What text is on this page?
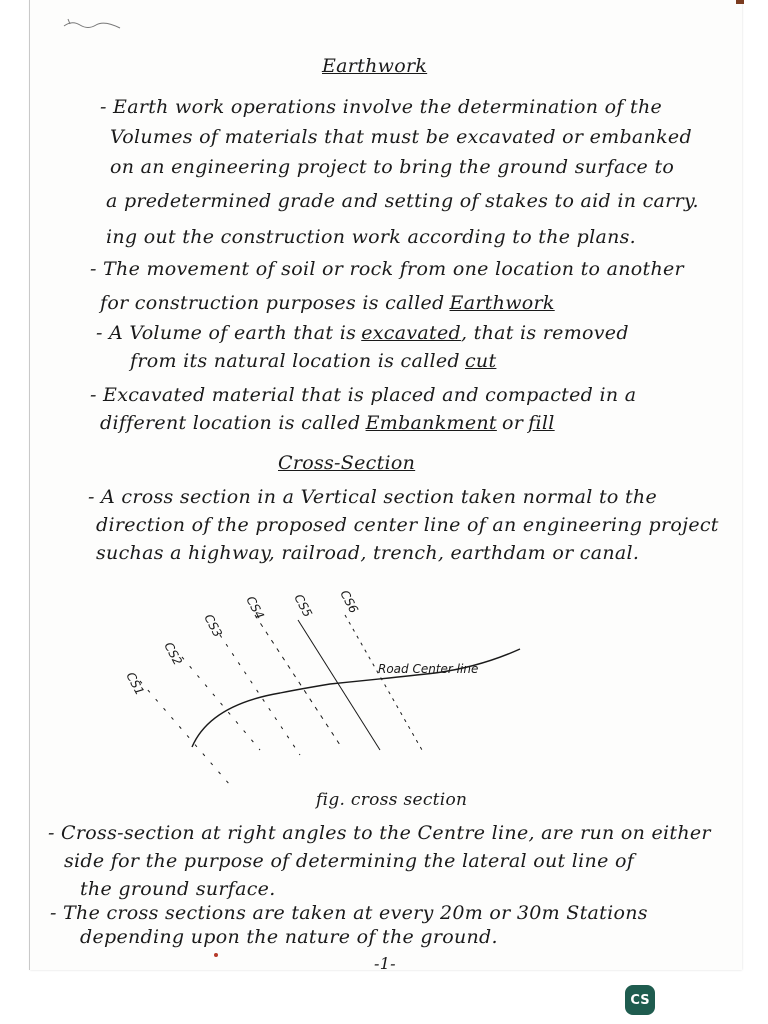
Earthwork
- Earth work operations involve the determination of the
Volumes of materials that must be excavated or embanked
on an engineering project to bring the ground surface to
a predetermined grade and setting of stakes to aid in carry.
ing out the construction work according to the plans.
- The movement of soil or rock from one location to another
for construction purposes is called Earthwork
- A Volume of earth that is excavated, that is removed
from its natural location is called cut
- Excavated material that is placed and compacted in a
different location is called Embankment or fill
Cross-Section
- A cross section in a Vertical section taken normal to the
direction of the proposed center line of an engineering project
suchas a highway, railroad, trench, earthdam or canal.
CS1
CS2
CS3
CS4 CS5 CS6
Road Center line
fig. cross section
- Cross-section at right angles to the Centre line, are run on either
side for the purpose of determining the lateral out line of
the ground surface.
- The cross sections are taken at every 20m or 30m Stations
depending upon the nature of the ground.
-1-
CS
